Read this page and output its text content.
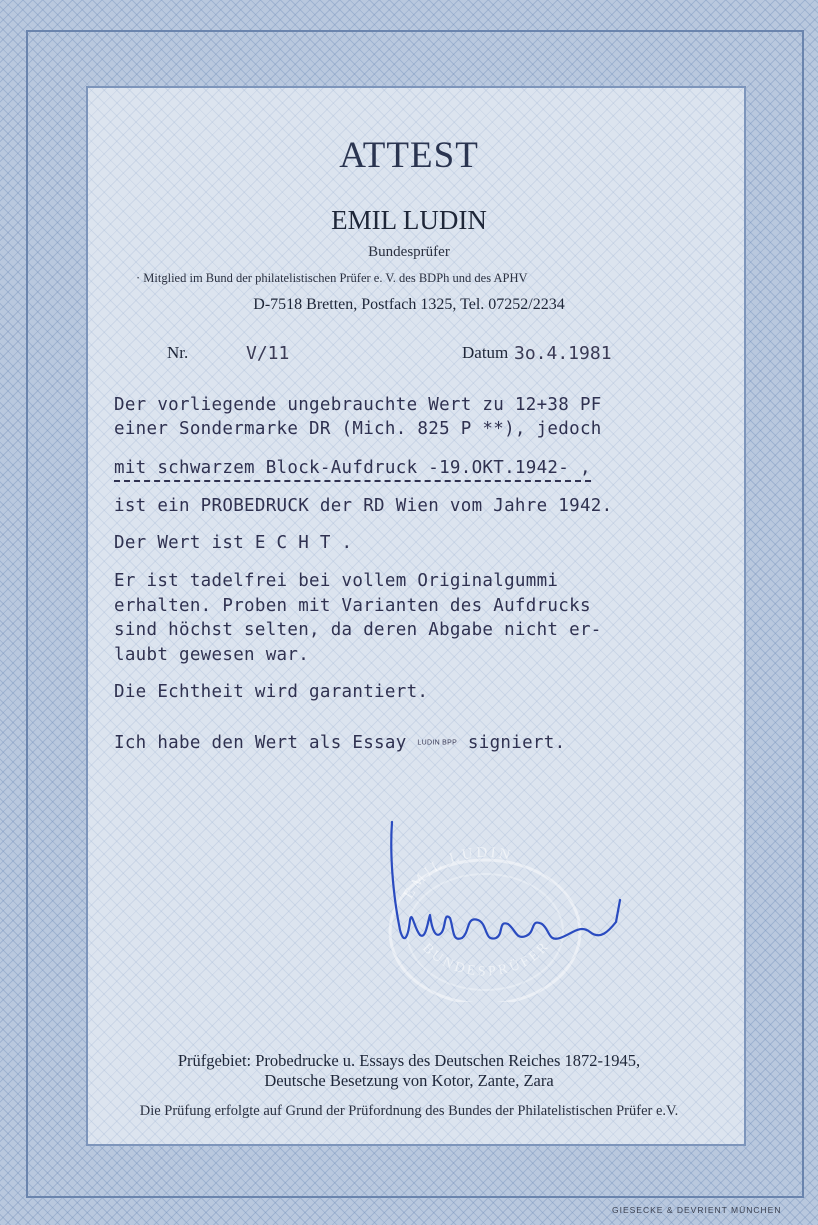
ATTEST
EMIL LUDIN
Bundesprüfer
· Mitglied im Bund der philatelistischen Prüfer e. V. des BDPh und des APHV
D-7518 Bretten, Postfach 1325, Tel. 07252/2234
Nr.	V/11	Datum 3o.4.1981
Der vorliegende ungebrauchte Wert zu 12+38 PF
einer Sondermarke DR (Mich. 825 P **), jedoch
mit schwarzem Block-Aufdruck -19.OKT.1942- ,
ist ein PROBEDRUCK der RD Wien vom Jahre 1942.
Der Wert ist E C H T .
Er ist tadelfrei bei vollem Originalgummi
erhalten. Proben mit Varianten des Aufdrucks
sind höchst selten, da deren Abgabe nicht er-
laubt gewesen war.
Die Echtheit wird garantiert.
Ich habe den Wert als Essay LUDIN BPP signiert.
EMIL LUDIN
BUNDESPRÜFER
Prüfgebiet: Probedrucke u. Essays des Deutschen Reiches 1872-1945,
Deutsche Besetzung von Kotor, Zante, Zara
Die Prüfung erfolgte auf Grund der Prüfordnung des Bundes der Philatelistischen Prüfer e.V.
GIESECKE & DEVRIENT MÜNCHEN
